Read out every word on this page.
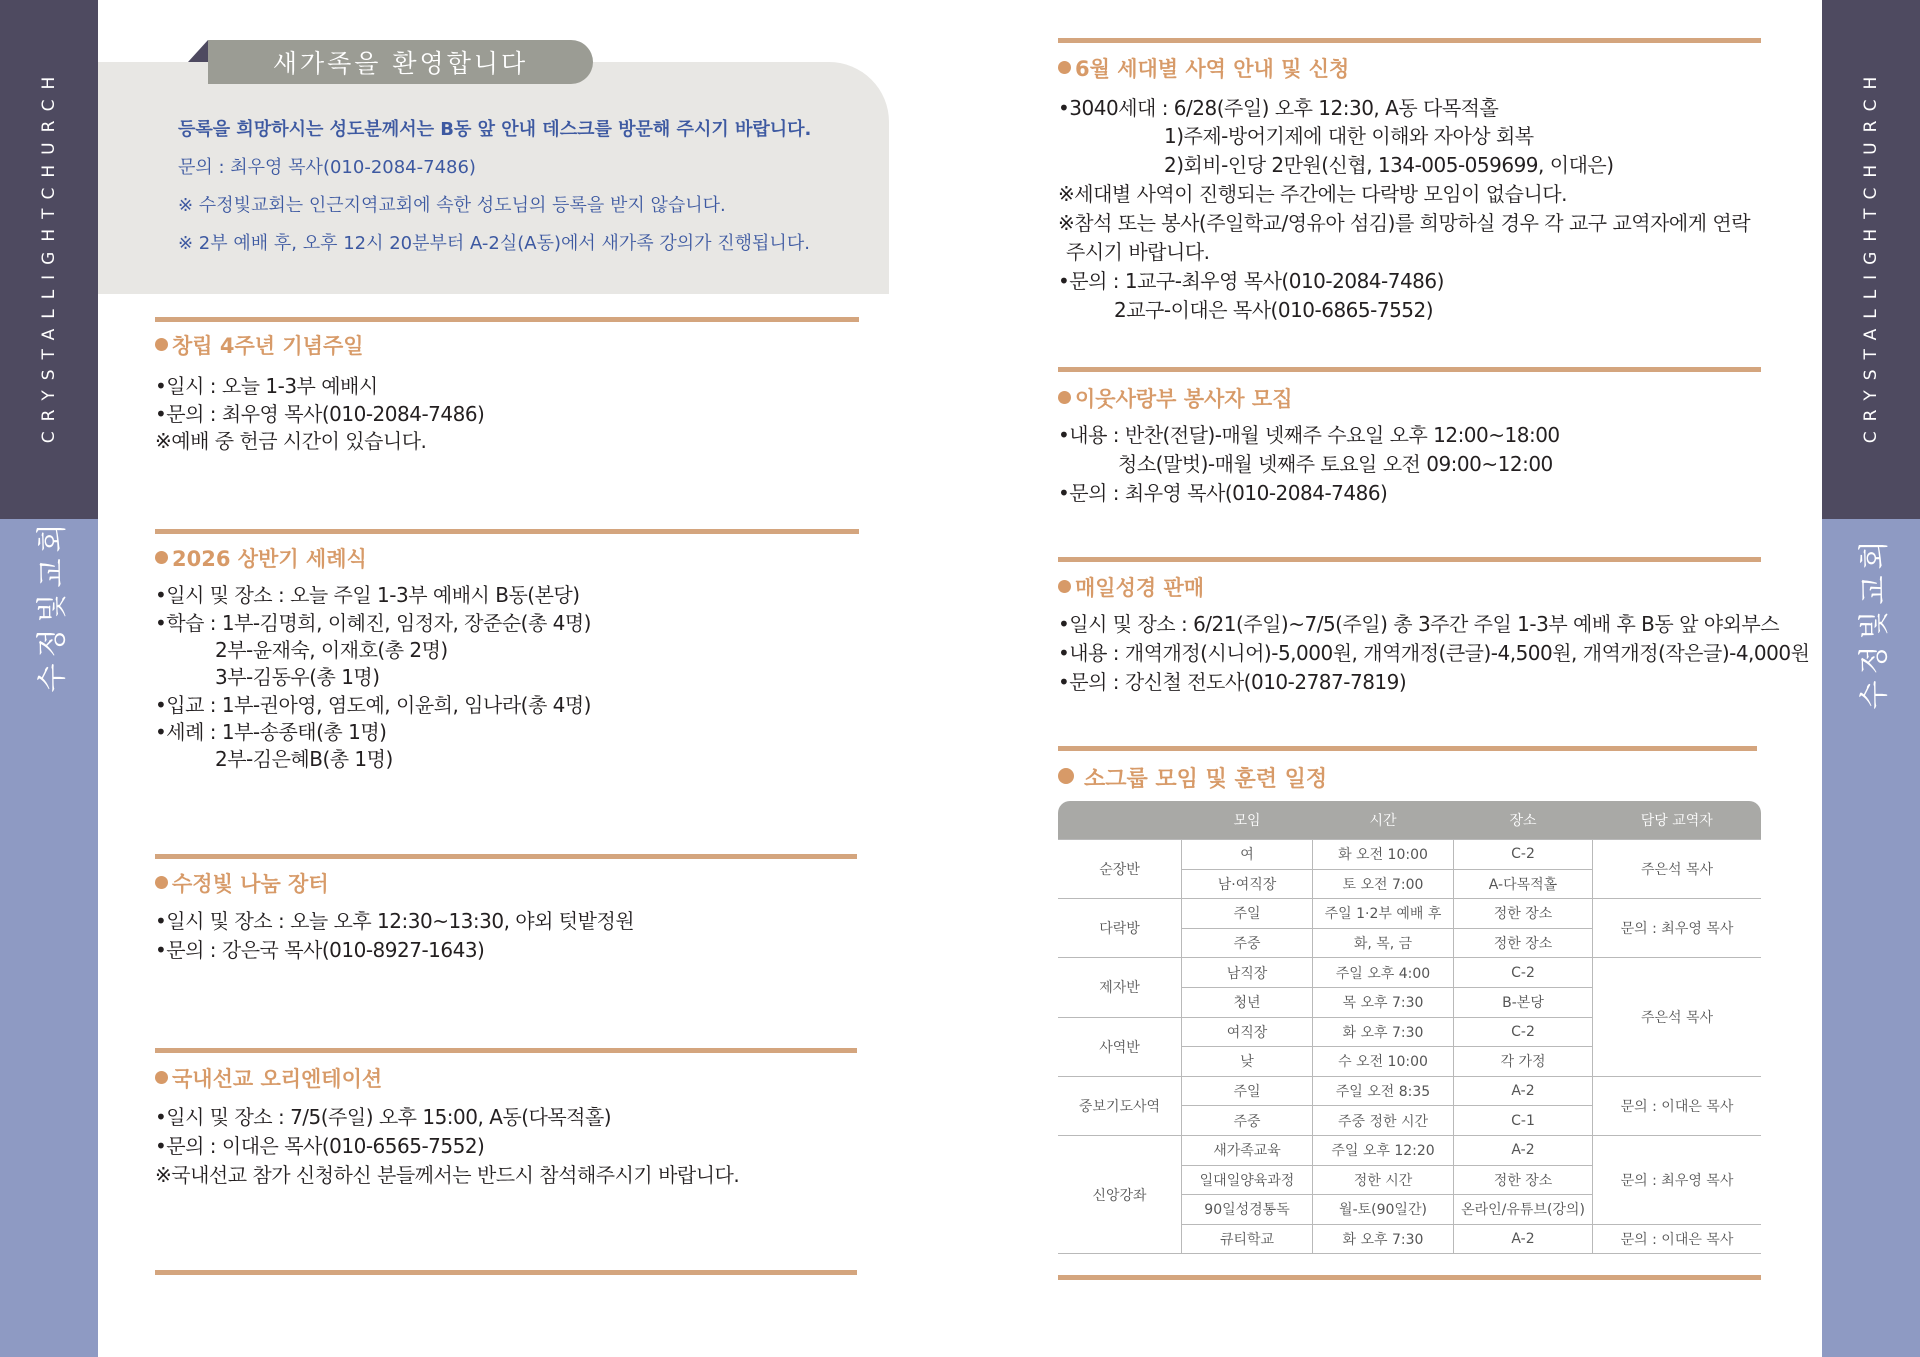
CRYSTALLIGHTCHURCH
수정빛교회
CRYSTALLIGHTCHURCH
수정빛교회
새가족을 환영합니다
등록을 희망하시는 성도분께서는 B동 앞 안내 데스크를 방문해 주시기 바랍니다.
문의 : 최우영 목사(010-2084-7486)
※ 수정빛교회는 인근지역교회에 속한 성도님의 등록을 받지 않습니다.
※ 2부 예배 후, 오후 12시 20분부터 A-2실(A동)에서 새가족 강의가 진행됩니다.
창립 4주년 기념주일
•일시 : 오늘 1-3부 예배시
•문의 : 최우영 목사(010-2084-7486)
※예배 중 헌금 시간이 있습니다.
2026 상반기 세례식
•일시 및 장소 : 오늘 주일 1-3부 예배시 B동(본당)
•학습 : 1부-김명희, 이혜진, 임정자, 장준순(총 4명)
2부-윤재숙, 이재호(총 2명)
3부-김동우(총 1명)
•입교 : 1부-권아영, 염도예, 이윤희, 임나라(총 4명)
•세례 : 1부-송종태(총 1명)
2부-김은혜B(총 1명)
수정빛 나눔 장터
•일시 및 장소 : 오늘 오후 12:30~13:30, 야외 텃밭정원
•문의 : 강은국 목사(010-8927-1643)
국내선교 오리엔테이션
•일시 및 장소 : 7/5(주일) 오후 15:00, A동(다목적홀)
•문의 : 이대은 목사(010-6565-7552)
※국내선교 참가 신청하신 분들께서는 반드시 참석해주시기 바랍니다.
6월 세대별 사역 안내 및 신청
•3040세대 : 6/28(주일) 오후 12:30, A동 다목적홀
1)주제-방어기제에 대한 이해와 자아상 회복
2)회비-인당 2만원(신협, 134-005-059699, 이대은)
※세대별 사역이 진행되는 주간에는 다락방 모임이 없습니다.
※참석 또는 봉사(주일학교/영유아 섬김)를 희망하실 경우 각 교구 교역자에게 연락
주시기 바랍니다.
•문의 : 1교구-최우영 목사(010-2084-7486)
2교구-이대은 목사(010-6865-7552)
이웃사랑부 봉사자 모집
•내용 : 반찬(전달)-매월 넷째주 수요일 오후 12:00~18:00
청소(말벗)-매월 넷째주 토요일 오전 09:00~12:00
•문의 : 최우영 목사(010-2084-7486)
매일성경 판매
•일시 및 장소 : 6/21(주일)~7/5(주일) 총 3주간 주일 1-3부 예배 후 B동 앞 야외부스
•내용 : 개역개정(시니어)-5,000원, 개역개정(큰글)-4,500원, 개역개정(작은글)-4,000원
•문의 : 강신철 전도사(010-2787-7819)
소그룹 모임 및 훈련 일정
	모임	시간	장소	담당 교역자
순장반	여	화 오전 10:00	C-2	주은석 목사
	남·여직장	토 오전 7:00	A-다목적홀	
다락방	주일	주일 1·2부 예배 후	정한 장소	문의 : 최우영 목사
	주중	화, 목, 금	정한 장소	
제자반	남직장	주일 오후 4:00	C-2	주은석 목사
	청년	목 오후 7:30	B-본당	
사역반	여직장	화 오후 7:30	C-2	
	낮	수 오전 10:00	각 가정	
중보기도사역	주일	주일 오전 8:35	A-2	문의 : 이대은 목사
	주중	주중 정한 시간	C-1	
신앙강좌	새가족교육	주일 오후 12:20	A-2	문의 : 최우영 목사
	일대일양육과정	정한 시간	정한 장소	
	90일성경통독	월-토(90일간)	온라인/유튜브(강의)	
	큐티학교	화 오후 7:30	A-2	문의 : 이대은 목사
